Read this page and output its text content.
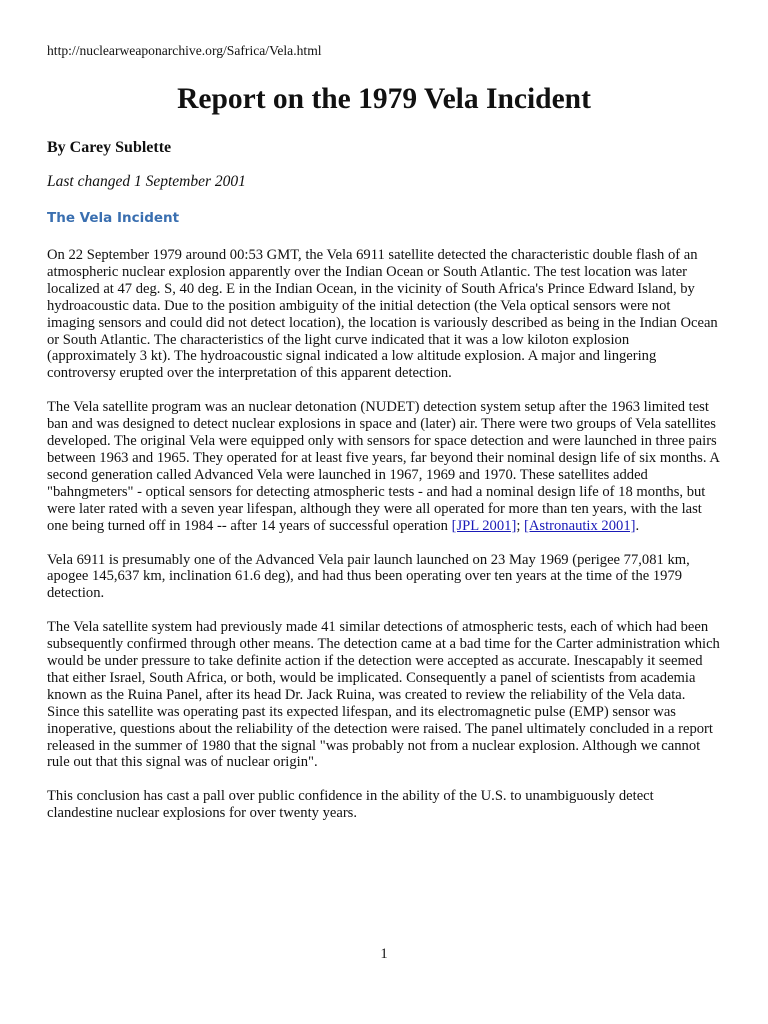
http://nuclearweaponarchive.org/Safrica/Vela.html

Report on the 1979 Vela Incident

By Carey Sublette

Last changed 1 September 2001

The Vela Incident

On 22 September 1979 around 00:53 GMT, the Vela 6911 satellite detected the characteristic double flash of an atmospheric nuclear explosion apparently over the Indian Ocean or South Atlantic. The test location was later localized at 47 deg. S, 40 deg. E in the Indian Ocean, in the vicinity of South Africa's Prince Edward Island, by hydroacoustic data. Due to the position ambiguity of the initial detection (the Vela optical sensors were not imaging sensors and could did not detect location), the location is variously described as being in the Indian Ocean or South Atlantic. The characteristics of the light curve indicated that it was a low kiloton explosion (approximately 3 kt). The hydroacoustic signal indicated a low altitude explosion. A major and lingering controversy erupted over the interpretation of this apparent detection.

The Vela satellite program was an nuclear detonation (NUDET) detection system setup after the 1963 limited test ban and was designed to detect nuclear explosions in space and (later) air. There were two groups of Vela satellites developed. The original Vela were equipped only with sensors for space detection and were launched in three pairs between 1963 and 1965. They operated for at least five years, far beyond their nominal design life of six months. A second generation called Advanced Vela were launched in 1967, 1969 and 1970. These satellites added "bahngmeters" - optical sensors for detecting atmospheric tests - and had a nominal design life of 18 months, but were later rated with a seven year lifespan, although they were all operated for more than ten years, with the last one being turned off in 1984 -- after 14 years of successful operation [JPL 2001]; [Astronautix 2001].

Vela 6911 is presumably one of the Advanced Vela pair launch launched on 23 May 1969 (perigee 77,081 km, apogee 145,637 km, inclination 61.6 deg), and had thus been operating over ten years at the time of the 1979 detection.

The Vela satellite system had previously made 41 similar detections of atmospheric tests, each of which had been subsequently confirmed through other means. The detection came at a bad time for the Carter administration which would be under pressure to take definite action if the detection were accepted as accurate. Inescapably it seemed that either Israel, South Africa, or both, would be implicated. Consequently a panel of scientists from academia known as the Ruina Panel, after its head Dr. Jack Ruina, was created to review the reliability of the Vela data. Since this satellite was operating past its expected lifespan, and its electromagnetic pulse (EMP) sensor was inoperative, questions about the reliability of the detection were raised. The panel ultimately concluded in a report released in the summer of 1980 that the signal "was probably not from a nuclear explosion. Although we cannot rule out that this signal was of nuclear origin".

This conclusion has cast a pall over public confidence in the ability of the U.S. to unambiguously detect clandestine nuclear explosions for over twenty years.

1
